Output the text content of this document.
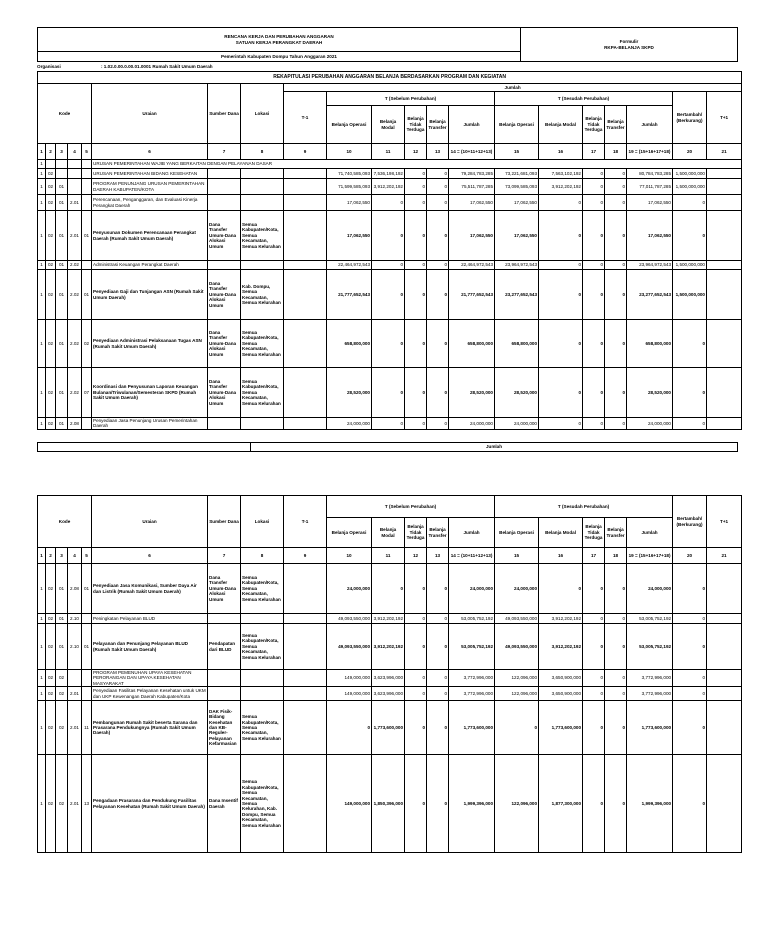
RENCANA KERJA DAN PERUBAHAN ANGGARAN
SATUAN KERJA PERANGKAT DAERAH	Formulir
RKPA-BELANJA SKPD

Pemerintah Kabupaten Dompu Tahun Anggaran 2021
Organisasi	: 1.02.0.00.0.00.01.0001 Rumah Sakit Umum Daerah
REKAPITULASI PERUBAHAN ANGGARAN BELANJA BERDASARKAN PROGRAM DAN KEGIATAN																				
Kode					Uraian	Sumber Dana	Lokasi	Jumlah												
								T-1	T (Sebelum Perubahan)					T (Sesudah Perubahan)					Bertambah/ (Berkurang)	T+1
									Belanja Operasi	Belanja Modal	Belanja Tidak Terduga	Belanja Transfer	Jumlah	Belanja Operasi	Belanja Modal	Belanja Tidak Terduga	Belanja Transfer	Jumlah		
1	2	3	4	5	6	7	8	9	10	11	12	13	14 = (10+11+12+13)	15	16	17	18	19 = (15+16+17+18)	20	21
1					URUSAN PEMERINTAHAN WAJIB YANG BERKAITAN DENGAN PELAYANAN DASAR															
1	02				URUSAN PEMERINTAHAN BIDANG KESEHATAN				71,740,585,093	7,536,198,192	0	0	79,284,783,285	73,221,681,093	7,563,102,192	0	0	80,784,783,285	1,500,000,000	
1	02	01			PROGRAM PENUNJANG URUSAN PEMERINTAHAN DAERAH KABUPATEN/KOTA				71,599,585,093	3,912,202,192	0	0	75,511,787,285	73,099,585,093	3,912,202,192	0	0	77,011,787,285	1,500,000,000	
1	02	01	2.01		Perencanaan, Penganggaran, dan Evaluasi Kinerja Perangkat Daerah				17,062,550	0	0	0	17,062,550	17,062,550	0	0	0	17,062,550	0	
1	02	01	2.01	01	Penyusunan Dokumen Perencanaan Perangkat Daerah (Rumah Sakit Umum Daerah)	Dana Transfer Umum-Dana Alokasi Umum	Semua Kabupaten/Kota, Semua Kecamatan, Semua Kelurahan		17,062,550	0	0	0	17,062,550	17,062,550	0	0	0	17,062,550	0	
1	02	01	2.02		Administrasi Keuangan Perangkat Daerah				22,464,972,543	0	0	0	22,464,972,543	23,964,972,543	0	0	0	23,964,972,543	1,500,000,000	
1	02	01	2.02	01	Penyediaan Gaji dan Tunjangan ASN (Rumah Sakit Umum Daerah)	Dana Transfer Umum-Dana Alokasi Umum	Kab. Dompu, Semua Kecamatan, Semua Kelurahan		21,777,652,543	0	0	0	21,777,652,543	23,277,652,543	0	0	0	23,277,652,543	1,500,000,000	
1	02	01	2.02	02	Penyediaan Administrasi Pelaksanaan Tugas ASN (Rumah Sakit Umum Daerah)	Dana Transfer Umum-Dana Alokasi Umum	Semua Kabupaten/Kota, Semua Kecamatan, Semua Kelurahan		658,800,000	0	0	0	658,800,000	658,800,000	0	0	0	658,800,000	0	
1	02	01	2.02	07	Koordinasi dan Penyusunan Laporan Keuangan Bulanan/Triwulanan/Semesteran SKPD (Rumah Sakit Umum Daerah)	Dana Transfer Umum-Dana Alokasi Umum	Semua Kabupaten/Kota, Semua Kecamatan, Semua Kelurahan		28,520,000	0	0	0	28,520,000	28,520,000	0	0	0	28,520,000	0	
1	02	01	2.08		Penyediaan Jasa Penunjang Urusan Pemerintahan Daerah				24,000,000	0	0	0	24,000,000	24,000,000	0	0	0	24,000,000	0	
	Jumlah
Kode					Uraian	Sumber Dana	Lokasi	T-1	T (Sebelum Perubahan)					T (Sesudah Perubahan)					Bertambah/ (Berkurang)	T+1
									Belanja Operasi	Belanja Modal	Belanja Tidak Terduga	Belanja Transfer	Jumlah	Belanja Operasi	Belanja Modal	Belanja Tidak Terduga	Belanja Transfer	Jumlah		
1	2	3	4	5	6	7	8	9	10	11	12	13	14 = (10+11+12+13)	15	16	17	18	19 = (15+16+17+18)	20	21
1	02	01	2.08	01	Penyediaan Jasa Komunikasi, Sumber Daya Air dan Listrik (Rumah Sakit Umum Daerah)	Dana Transfer Umum-Dana Alokasi Umum	Semua Kabupaten/Kota, Semua Kecamatan, Semua Kelurahan		24,000,000	0	0	0	24,000,000	24,000,000	0	0	0	24,000,000	0	
1	02	01	2.10		Peningkatan Pelayanan BLUD				49,093,550,000	3,912,202,192	0	0	53,005,752,192	49,093,550,000	3,912,202,192	0	0	53,005,752,192	0	
1	02	01	2.10	01	Pelayanan dan Penunjang Pelayanan BLUD (Rumah Sakit Umum Daerah)	Pendapatan dari BLUD	Semua Kabupaten/Kota, Semua Kecamatan, Semua Kelurahan		49,093,550,000	3,912,202,192	0	0	53,005,752,192	49,093,550,000	3,912,202,192	0	0	53,005,752,192	0	
1	02	02			PROGRAM PEMENUHAN UPAYA KESEHATAN PERORANGAN DAN UPAYA KESEHATAN MASYARAKAT				149,000,000	3,623,996,000	0	0	3,772,996,000	122,096,000	3,650,900,000	0	0	3,772,996,000	0	
1	02	02	2.01		Penyediaan Fasilitas Pelayanan Kesehatan untuk UKM dan UKP Kewenangan Daerah Kabupaten/Kota				149,000,000	3,623,996,000	0	0	3,772,996,000	122,096,000	3,650,900,000	0	0	3,772,996,000	0	
1	02	02	2.01	11	Pembangunan Rumah Sakit beserta Sarana dan Prasarana Pendukungnya (Rumah Sakit Umum Daerah)	DAK Fisik-Bidang Kesehatan dan KB-Reguler-Pelayanan Kefarmasian	Semua Kabupaten/Kota, Semua Kecamatan, Semua Kelurahan		0	1,773,600,000	0	0	1,773,600,000	0	1,773,600,000	0	0	1,773,600,000	0	
1	02	02	2.01	13	Pengadaan Prasarana dan Pendukung Fasilitas Pelayanan Kesehatan (Rumah Sakit Umum Daerah)	Dana Insentif Daerah	Semua Kabupaten/Kota, Semua Kecamatan, Semua Kelurahan, Kab. Dompu, Semua Kecamatan, Semua Kelurahan		149,000,000	1,850,396,000	0	0	1,999,396,000	122,096,000	1,877,300,000	0	0	1,999,396,000	0	
